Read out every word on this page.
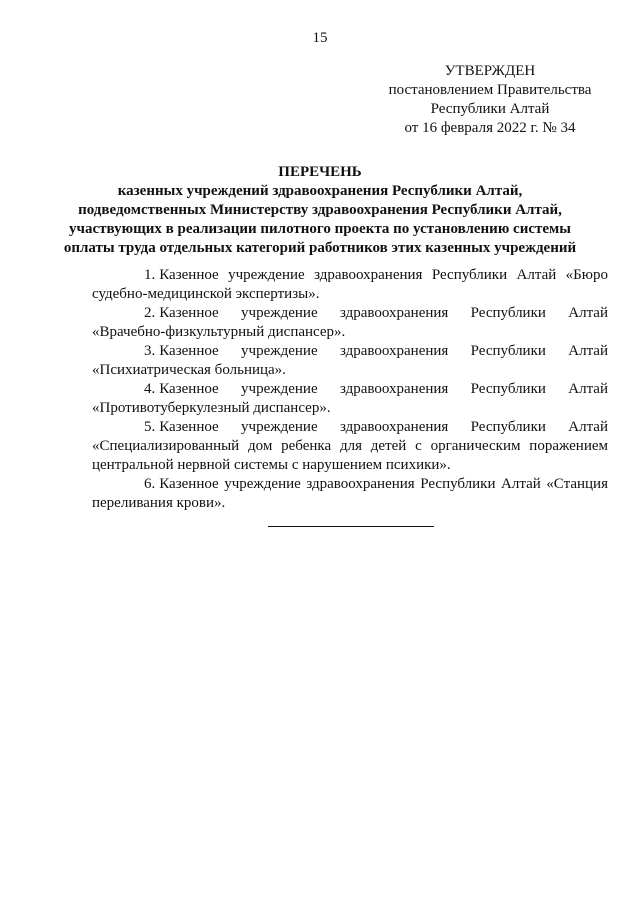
15
УТВЕРЖДЕН
постановлением Правительства
Республики Алтай
от 16 февраля 2022 г. № 34
ПЕРЕЧЕНЬ
казенных учреждений здравоохранения Республики Алтай,
подведомственных Министерству здравоохранения Республики Алтай,
участвующих в реализации пилотного проекта по установлению системы
оплаты труда отдельных категорий работников этих казенных учреждений

1. Казенное учреждение здравоохранения Республики Алтай «Бюро судебно-медицинской экспертизы».

2. Казенное учреждение здравоохранения Республики Алтай «Врачебно-физкультурный диспансер».

3. Казенное учреждение здравоохранения Республики Алтай «Психиатрическая больница».

4. Казенное учреждение здравоохранения Республики Алтай «Противотуберкулезный диспансер».

5. Казенное учреждение здравоохранения Республики Алтай «Специализированный дом ребенка для детей с органическим поражением центральной нервной системы с нарушением психики».

6. Казенное учреждение здравоохранения Республики Алтай «Станция переливания крови».
